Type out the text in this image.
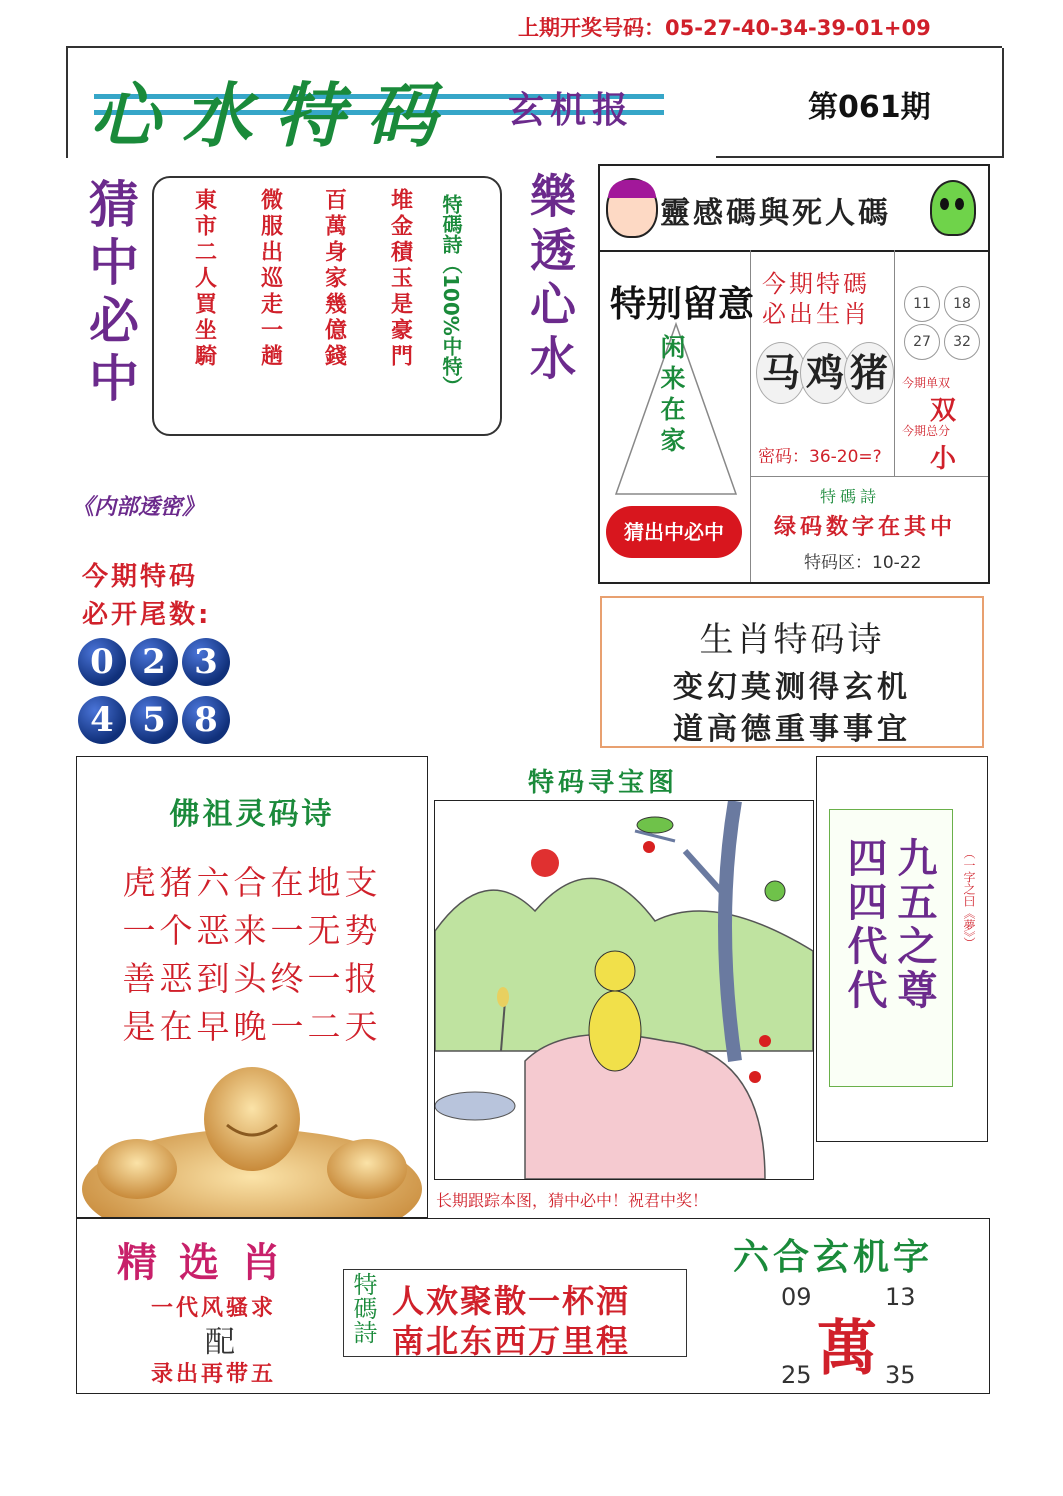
上期开奖号码：05-27-40-34-39-01+09
心水特码 玄机报	第061期
猜中必中 東市二人買坐騎 微服出巡走一趟 百萬身家幾億錢 堆金積玉是豪門 特碼詩（100%中特） 樂透心水	靈感碼與死人碼
特别留意
闲来在家
猜出中必中
今期特碼
必出生肖
马 鸡 猪
密码：36-20=?
11	18
27	32
今期单双
双
今期总分
小
特碼詩
绿码数字在其中
特码区：10-22
《内部透密》
今期特码
必开尾数:
0 2 3
4 5 8
生肖特码诗
变幻莫测得玄机
道高德重事事宜
佛祖灵码诗
虎猪六合在地支
一个恶来一无势
善恶到头终一报
是在早晚一二天
特码寻宝图
长期跟踪本图，猜中必中！祝君中奖！
四四代代 九五之尊 （一字之曰《夢》）
精选肖
一代风骚求
配
录出再带五
特碼詩 人欢聚散一杯酒
南北东西万里程
六合玄机字
09	13
25	35
萬
